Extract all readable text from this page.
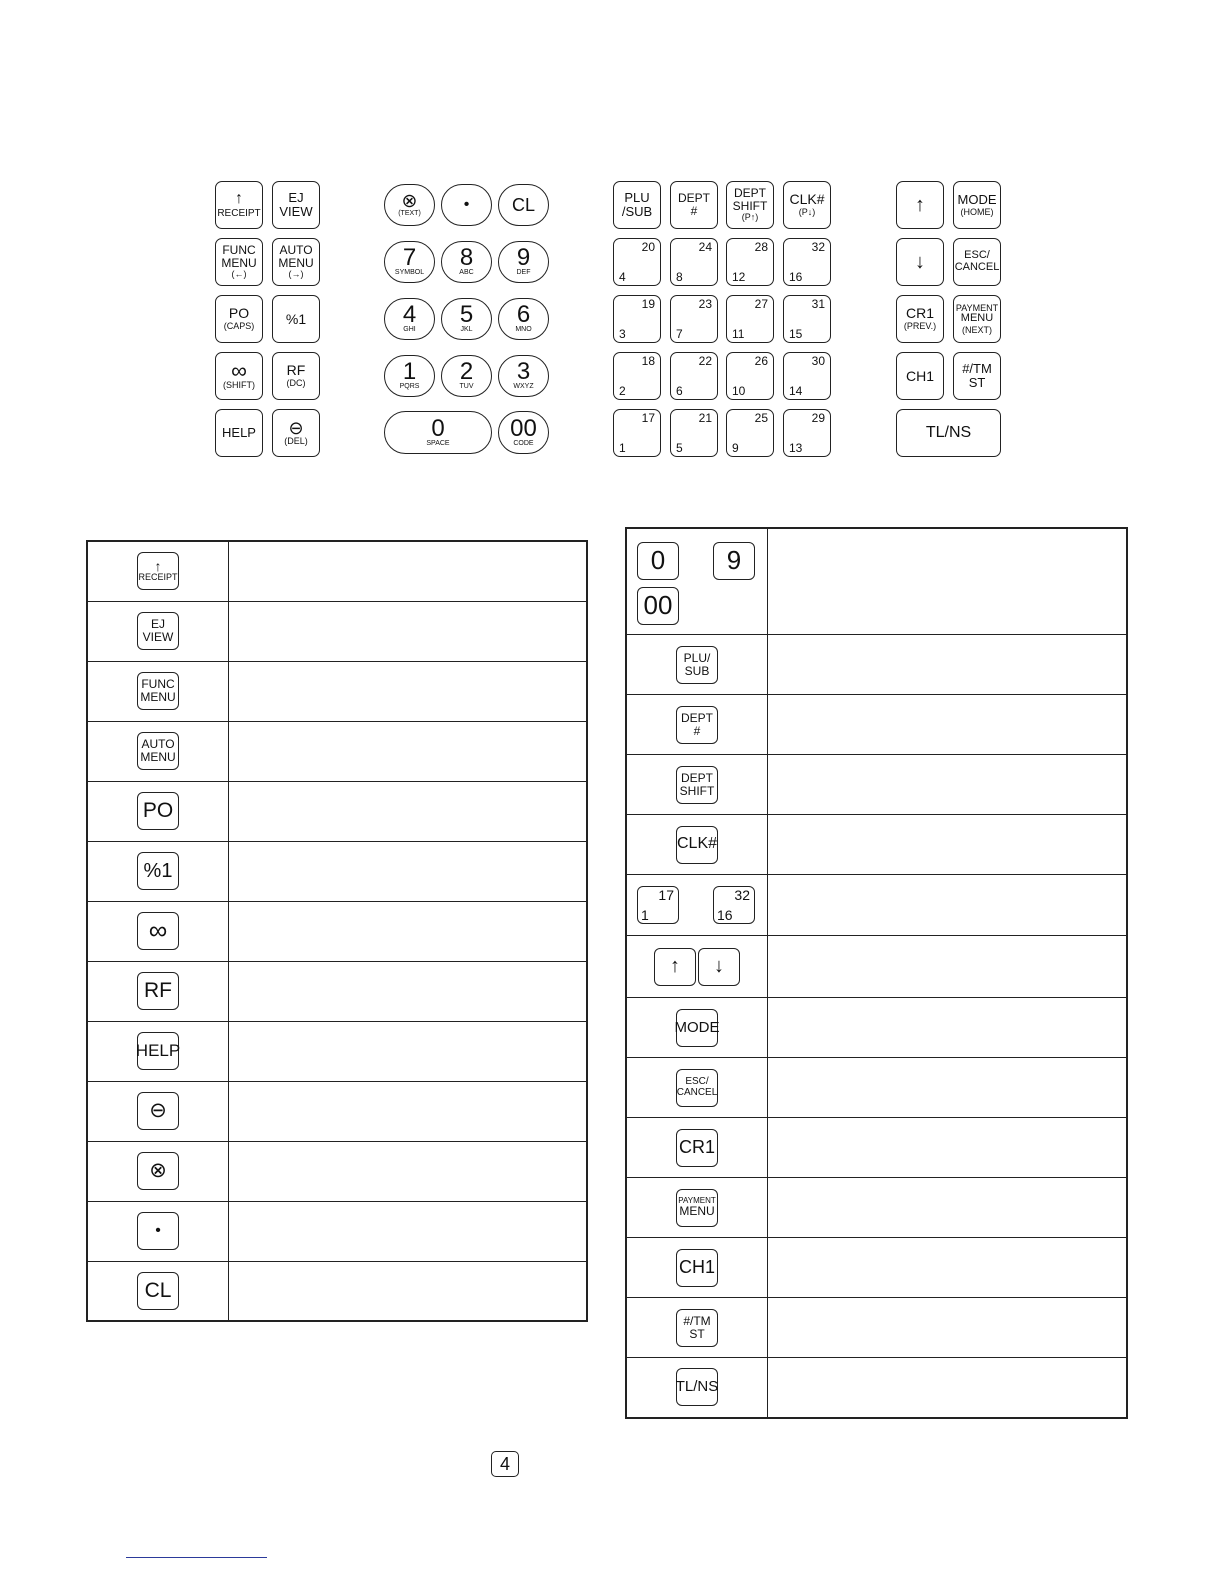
↑
RECEIPT
EJ
VIEW
FUNC
MENU
(←)
AUTO
MENU
(→)
PO
(CAPS) %1
∞
(SHIFT)
RF
(DC)
HELP ⊖
(DEL)
⊗
(TEXT)
• CL
7
SYMBOL
8
ABC
9
DEF
4
GHI
5
JKL
6
MNO
1
PQRS
2
TUV
3
WXYZ
0
SPACE
00
CODE
PLU
/SUB
DEPT
#
DEPT
SHIFT
(P↑)
CLK#
(P↓)
20
4
24
8
28
12
32
16
19
3
23
7
27
11
31
15
18
2
22
6
26
10
30
14
17
1
21
5
25
9
29
13
↑	MODE
(HOME)
↓	ESC/
CANCEL
CR1
(PREV.)
PAYMENT
MENU
(NEXT)
CH1 #/TM
ST
TL/NS
↑
RECEIPT	

EJ
VIEW	

FUNC
MENU	

AUTO
MENU	

PO	

%1	

∞	

RF	

HELP	

⊖	

⊗	

•	

CL	

0 9
00	

PLU/
SUB	

DEPT
#	

DEPT
SHIFT	

CLK#	

17
1
32
16	

↑ ↓	

MODE	

ESC/
CANCEL	

CR1	

PAYMENT
MENU	

CH1	

#/TM
ST	

TL/NS	

4
